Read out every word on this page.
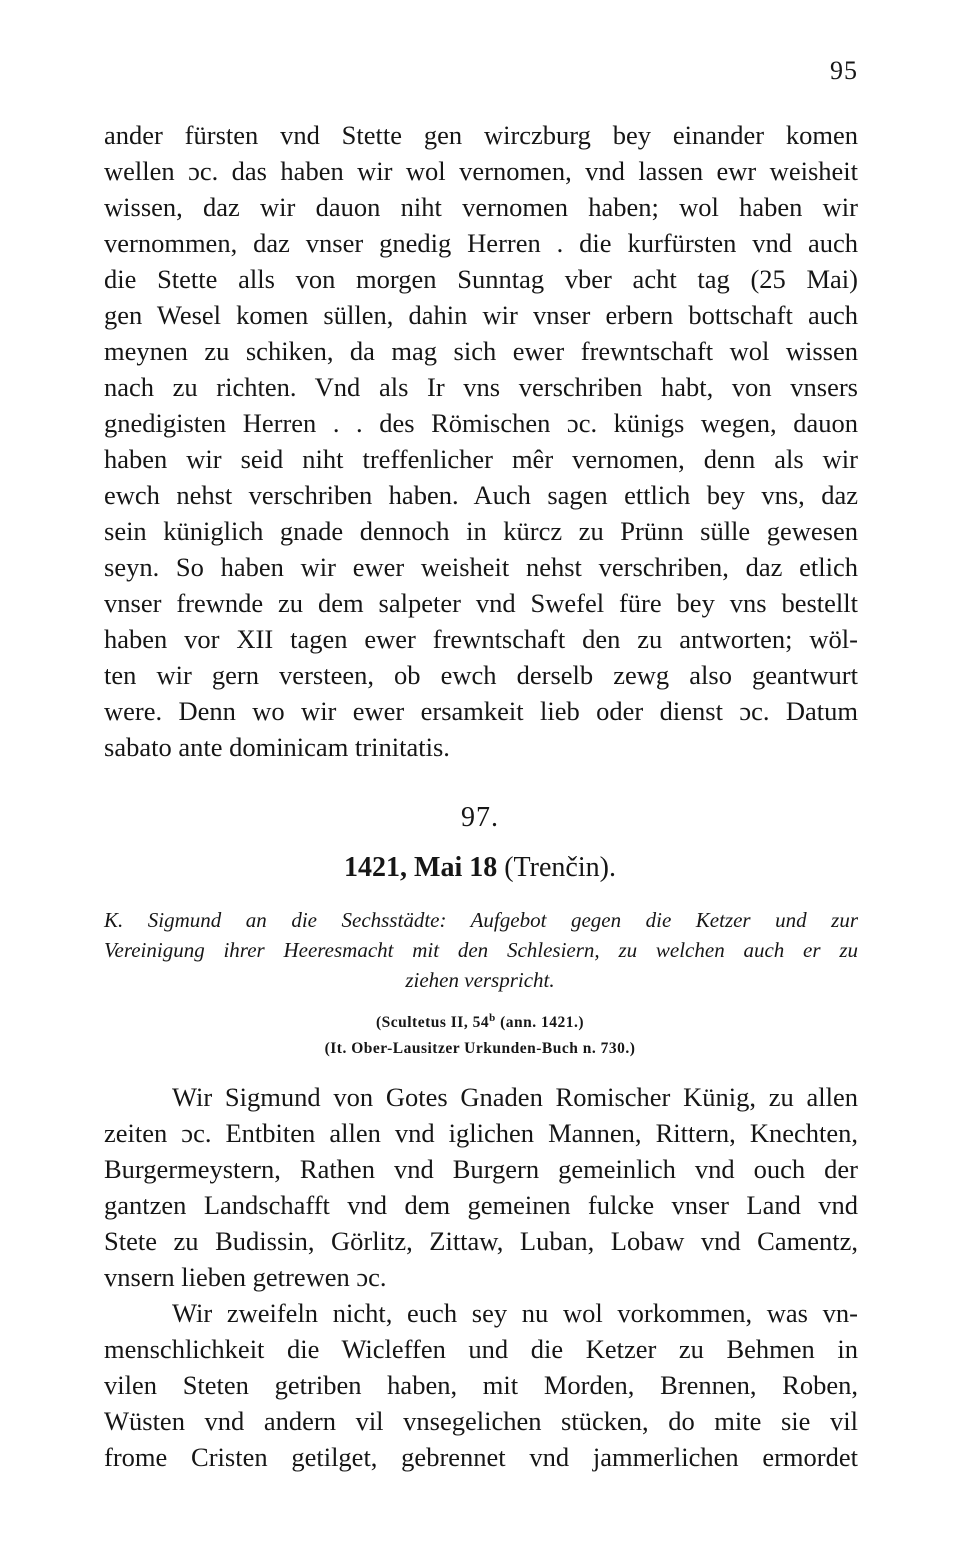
95
ander fürsten vnd Stette gen wirczburg bey einander komen
wellen ɔc. das haben wir wol vernomen, vnd lassen ewr weisheit
wissen, daz wir dauon niht vernomen haben; wol haben wir
vernommen, daz vnser gnedig Herren . die kurfürsten vnd auch
die Stette alls von morgen Sunntag vber acht tag (25 Mai)
gen Wesel komen süllen, dahin wir vnser erbern bottschaft auch
meynen zu schiken, da mag sich ewer frewntschaft wol wissen
nach zu richten. Vnd als Ir vns verschriben habt, von vnsers
gnedigisten Herren . . des Römischen ɔc. künigs wegen, dauon
haben wir seid niht treffenlicher mêr vernomen, denn als wir
ewch nehst verschriben haben. Auch sagen ettlich bey vns, daz
sein küniglich gnade dennoch in kürcz zu Prünn sülle gewesen
seyn. So haben wir ewer weisheit nehst verschriben, daz etlich
vnser frewnde zu dem salpeter vnd Swefel füre bey vns bestellt
haben vor XII tagen ewer frewntschaft den zu antworten; wöl-
ten wir gern versteen, ob ewch derselb zewg also geantwurt
were. Denn wo wir ewer ersamkeit lieb oder dienst ɔc. Datum
sabato ante dominicam trinitatis.
97.
1421, Mai 18 (Trenčin).
K. Sigmund an die Sechsstädte: Aufgebot gegen die Ketzer und zur
Vereinigung ihrer Heeresmacht mit den Schlesiern, zu welchen auch er zu
ziehen verspricht.
(Scultetus II, 54$^b$ (ann. 1421.)
(It. Ober-Lausitzer Urkunden-Buch n. 730.)
Wir Sigmund von Gotes Gnaden Romischer Künig, zu allen
zeiten ɔc. Entbiten allen vnd iglichen Mannen, Rittern, Knechten,
Burgermeystern, Rathen vnd Burgern gemeinlich vnd ouch der
gantzen Landschafft vnd dem gemeinen fulcke vnser Land vnd
Stete zu Budissin, Görlitz, Zittaw, Luban, Lobaw vnd Camentz,
vnsern lieben getrewen ɔc.
Wir zweifeln nicht, euch sey nu wol vorkommen, was vn-
menschlichkeit die Wicleffen und die Ketzer zu Behmen in
vilen Steten getriben haben, mit Morden, Brennen, Roben,
Wüsten vnd andern vil vnsegelichen stücken, do mite sie vil
frome Cristen getilget, gebrennet vnd jammerlichen ermordet
